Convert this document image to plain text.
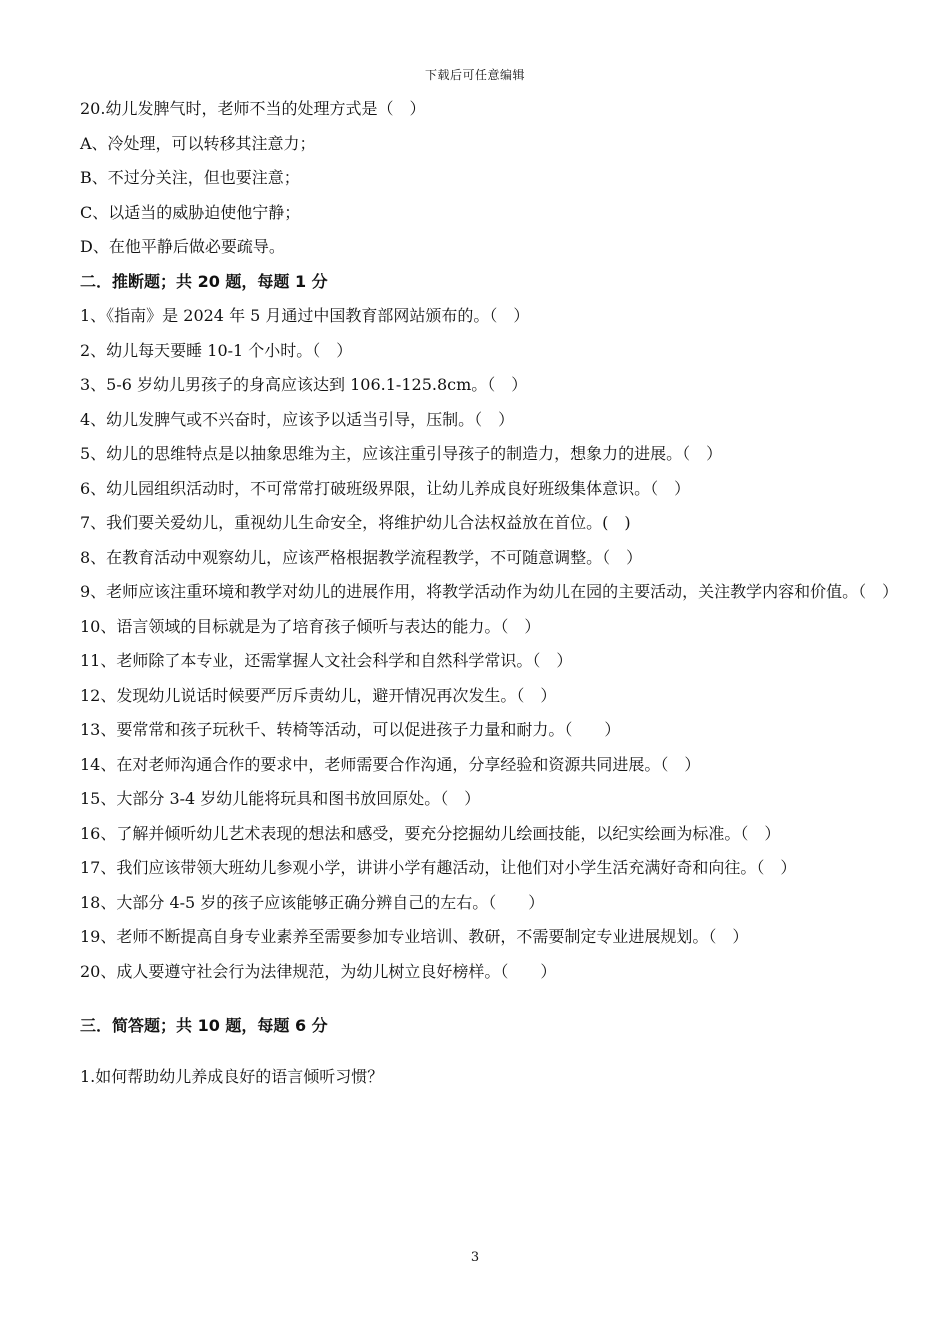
下载后可任意编辑
20.幼儿发脾气时，老师不当的处理方式是（　）
A、冷处理，可以转移其注意力；
B、不过分关注，但也要注意；
C、以适当的威胁迫使他宁静；
D、在他平静后做必要疏导。
二．推断题；共 20 题，每题 1 分
1、《指南》是 2024 年 5 月通过中国教育部网站颁布的。（　）
2、幼儿每天要睡 10-1 个小时。（　）
3、5-6 岁幼儿男孩子的身高应该达到 106.1-125.8cm。（　）
4、幼儿发脾气或不兴奋时，应该予以适当引导，压制。（　）
5、幼儿的思维特点是以抽象思维为主，应该注重引导孩子的制造力，想象力的进展。（　）
6、幼儿园组织活动时，不可常常打破班级界限，让幼儿养成良好班级集体意识。（　）
7、我们要关爱幼儿，重视幼儿生命安全，将维护幼儿合法权益放在首位。(　)
8、在教育活动中观察幼儿，应该严格根据教学流程教学，不可随意调整。（　）
9、老师应该注重环境和教学对幼儿的进展作用，将教学活动作为幼儿在园的主要活动，关注教学内容和价值。（　）
10、语言领域的目标就是为了培育孩子倾听与表达的能力。（　）
11、老师除了本专业，还需掌握人文社会科学和自然科学常识。（　）
12、发现幼儿说话时候要严厉斥责幼儿，避开情况再次发生。（　）
13、要常常和孩子玩秋千、转椅等活动，可以促进孩子力量和耐力。（　　）
14、在对老师沟通合作的要求中，老师需要合作沟通，分享经验和资源共同进展。（　）
15、大部分 3-4 岁幼儿能将玩具和图书放回原处。（　）
16、了解并倾听幼儿艺术表现的想法和感受，要充分挖掘幼儿绘画技能，以纪实绘画为标准。（　）
17、我们应该带领大班幼儿参观小学，讲讲小学有趣活动，让他们对小学生活充满好奇和向往。（　）
18、大部分 4-5 岁的孩子应该能够正确分辨自己的左右。（　　）
19、老师不断提高自身专业素养至需要参加专业培训、教研，不需要制定专业进展规划。（　）
20、成人要遵守社会行为法律规范，为幼儿树立良好榜样。（　　）
三．简答题；共 10 题，每题 6 分
1.如何帮助幼儿养成良好的语言倾听习惯？
3
